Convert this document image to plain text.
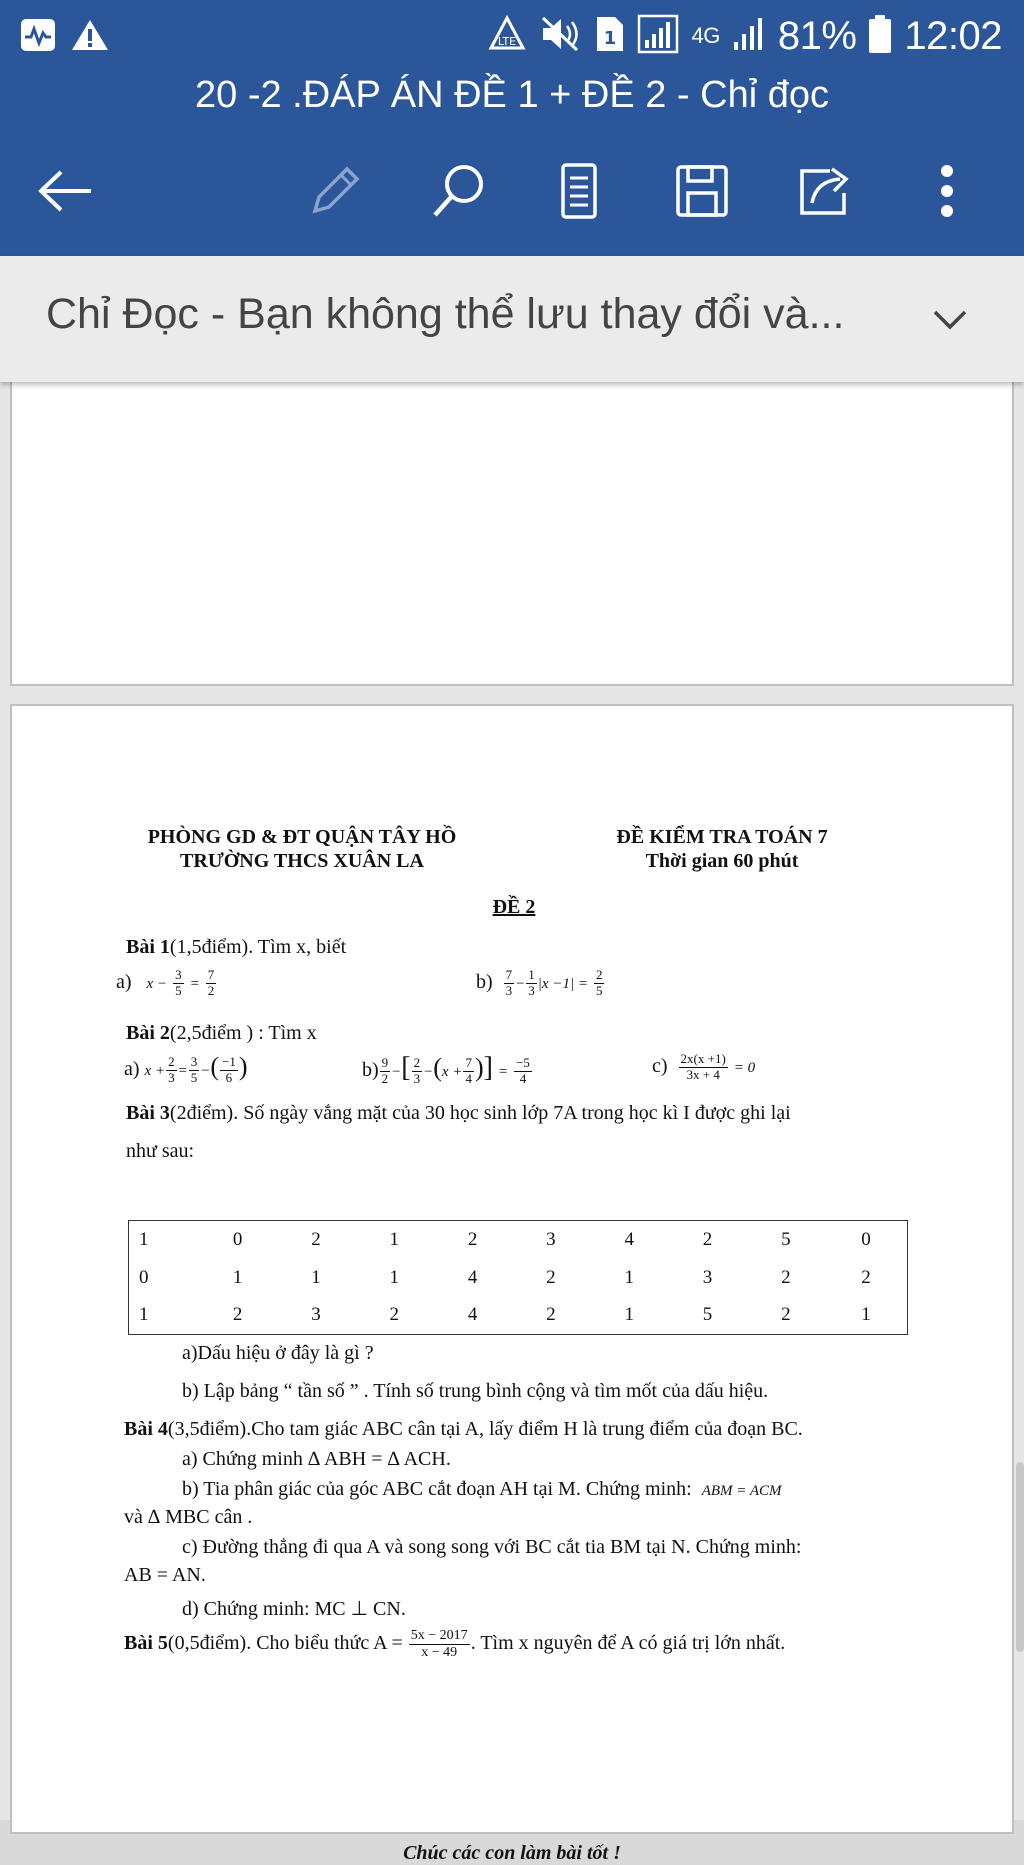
LTE	1	4G 81% 12:02
20 -2 .ĐÁP ÁN ĐỀ 1 + ĐỀ 2 - Chỉ đọc
Chỉ Đọc - Bạn không thể lưu thay đổi và...
PHÒNG GD & ĐT QUẬN TÂY HỒ
TRƯỜNG THCS XUÂN LA
ĐỀ KIỂM TRA TOÁN 7
Thời gian 60 phút
ĐỀ 2
Bài 1(1,5điểm). Tìm x, biết
a)   $x - \frac{3}{5} = \frac{7}{2}$	$b) \frac{7}{3} - \frac{1}{3} |x -1| = \frac{2}{5}$
Bài 2(2,5điểm ) : Tìm x
a) $x + \frac{2}{3} = \frac{3}{5}$ −( $\frac{-1}{6}$ )	$b) \frac{9}{2}$ −[ $\frac{2}{3} -(x + \frac{7}{4}$ )] = $\frac{-5}{4}$	$c) \frac{2x(x +1)}{3x + 4} = 0$
Bài 3(2điểm). Số ngày vắng mặt của 30 học sinh lớp 7A trong học kì I được ghi lại
như sau:
1	0	2	1	2	3	4	2	5	0
0	1	1	1	4	2	1	3	2	2
1	2	3	2	4	2	1	5	2	1
a)Dấu hiệu ở đây là gì ?
b) Lập bảng “ tần số ” . Tính số trung bình cộng và tìm mốt của dấu hiệu.
Bài 4(3,5điểm).Cho tam giác ABC cân tại A, lấy điểm H là trung điểm của đoạn BC.
a) Chứng minh ∆ ABH = ∆ ACH.
b) Tia phân giác của góc ABC cắt đoạn AH tại M. Chứng minh: ABM = ACM
và ∆ MBC cân .
c) Đường thẳng đi qua A và song song với BC cắt tia BM tại N. Chứng minh:
AB = AN.
d) Chứng minh: MC ⊥ CN.
Bài 5(0,5điểm). Cho biểu thức $A = \frac{5x - 2017}{x - 49}$ . Tìm x nguyên để A có giá trị lớn nhất.
Chúc các con làm bài tốt !
